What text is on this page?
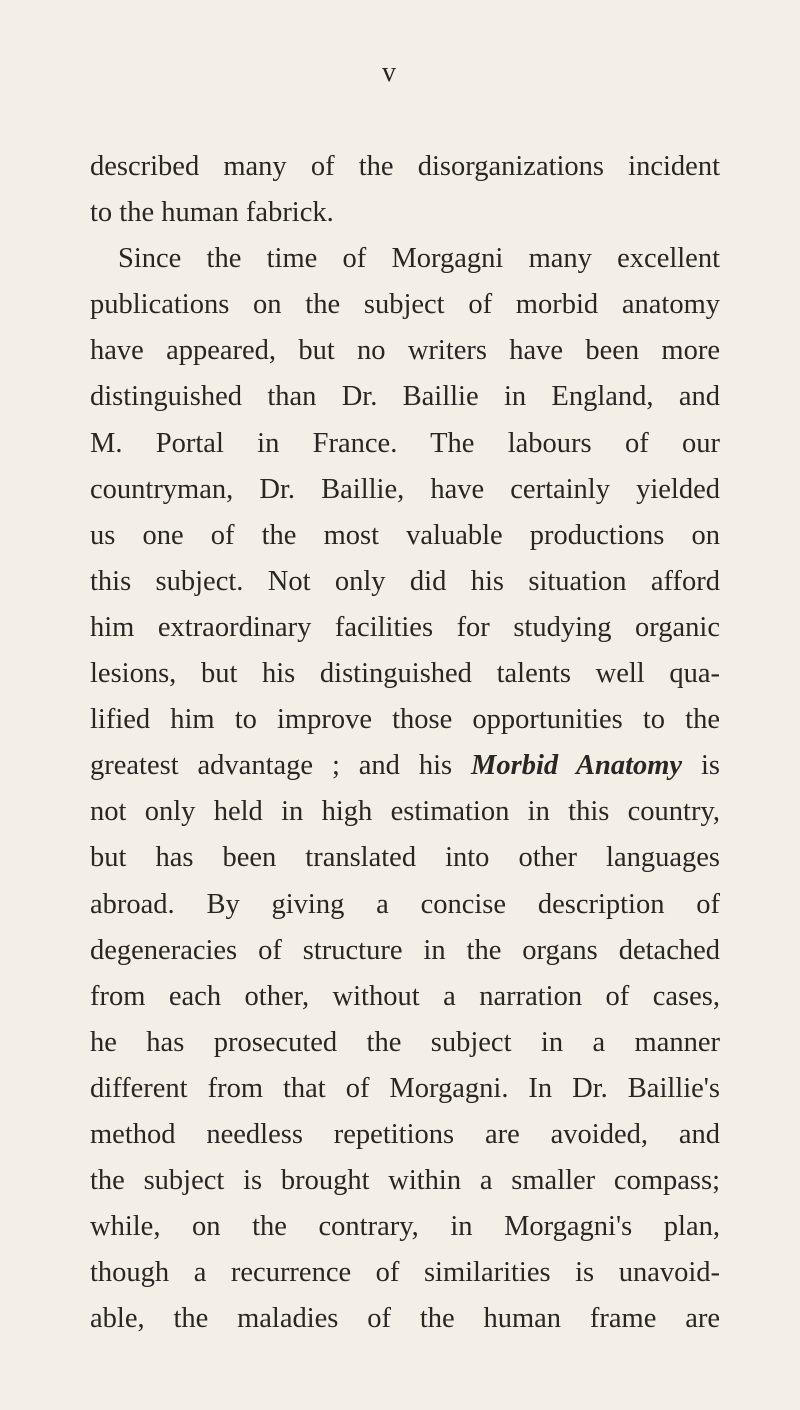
v
described many of the disorganizations incident
to the human fabrick.
Since the time of Morgagni many excellent
publications on the subject of morbid anatomy
have appeared, but no writers have been more
distinguished than Dr. Baillie in England, and
M. Portal in France. The labours of our
countryman, Dr. Baillie, have certainly yielded
us one of the most valuable productions on
this subject. Not only did his situation afford
him extraordinary facilities for studying organic
lesions, but his distinguished talents well qua-
lified him to improve those opportunities to the
greatest advantage ; and his Morbid Anatomy is
not only held in high estimation in this country,
but has been translated into other languages
abroad. By giving a concise description of
degeneracies of structure in the organs detached
from each other, without a narration of cases,
he has prosecuted the subject in a manner
different from that of Morgagni. In Dr. Baillie's
method needless repetitions are avoided, and
the subject is brought within a smaller compass;
while, on the contrary, in Morgagni's plan,
though a recurrence of similarities is unavoid-
able, the maladies of the human frame are
